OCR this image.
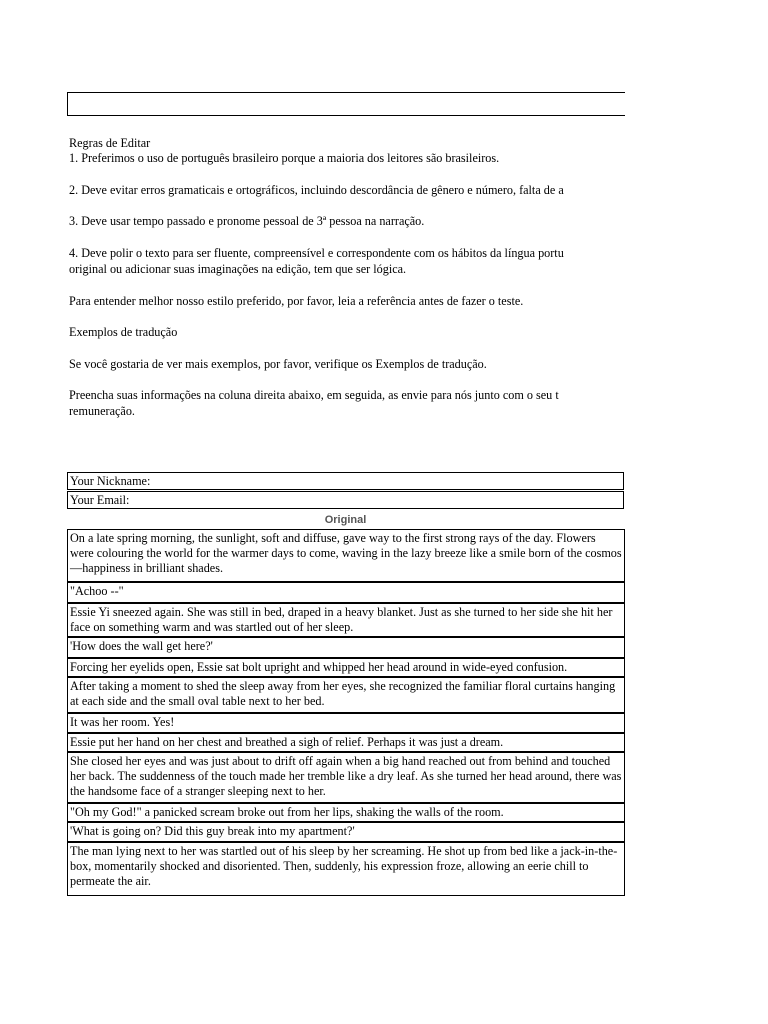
Regras de Editar
1. Preferimos o uso de português brasileiro porque a maioria dos leitores são brasileiros.
2. Deve evitar erros gramaticais e ortográficos, incluindo descordância de gênero e número, falta de a
3. Deve usar tempo passado e pronome pessoal de 3ª pessoa na narração.
4. Deve polir o texto para ser fluente, compreensível e correspondente com os hábitos da língua portu
original ou adicionar suas imaginações na edição, tem que ser lógica.
Para entender melhor nosso estilo preferido, por favor, leia a referência antes de fazer o teste.
Exemplos de tradução
Se você gostaria de ver mais exemplos, por favor, verifique os Exemplos de tradução.
Preencha suas informações na coluna direita abaixo, em seguida, as envie para nós junto com o seu t
remuneração.
Your Nickname:
Your Email:
Original
On a late spring morning, the sunlight, soft and diffuse, gave way to the first strong rays of the day. Flowers were colouring the world for the warmer days to come, waving in the lazy breeze like a smile born of the cosmos—happiness in brilliant shades.
"Achoo --"
Essie Yi sneezed again. She was still in bed, draped in a heavy blanket. Just as she turned to her side she hit her face on something warm and was startled out of her sleep.
'How does the wall get here?'
Forcing her eyelids open, Essie sat bolt upright and whipped her head around in wide-eyed confusion.
After taking a moment to shed the sleep away from her eyes, she recognized the familiar floral curtains hanging at each side and the small oval table next to her bed.
It was her room. Yes!
Essie put her hand on her chest and breathed a sigh of relief. Perhaps it was just a dream.
She closed her eyes and was just about to drift off again when a big hand reached out from behind and touched her back. The suddenness of the touch made her tremble like a dry leaf. As she turned her head around, there was the handsome face of a stranger sleeping next to her.
"Oh my God!" a panicked scream broke out from her lips, shaking the walls of the room.
'What is going on? Did this guy break into my apartment?'
The man lying next to her was startled out of his sleep by her screaming. He shot up from bed like a jack-in-the-box, momentarily shocked and disoriented. Then, suddenly, his expression froze, allowing an eerie chill to permeate the air.
